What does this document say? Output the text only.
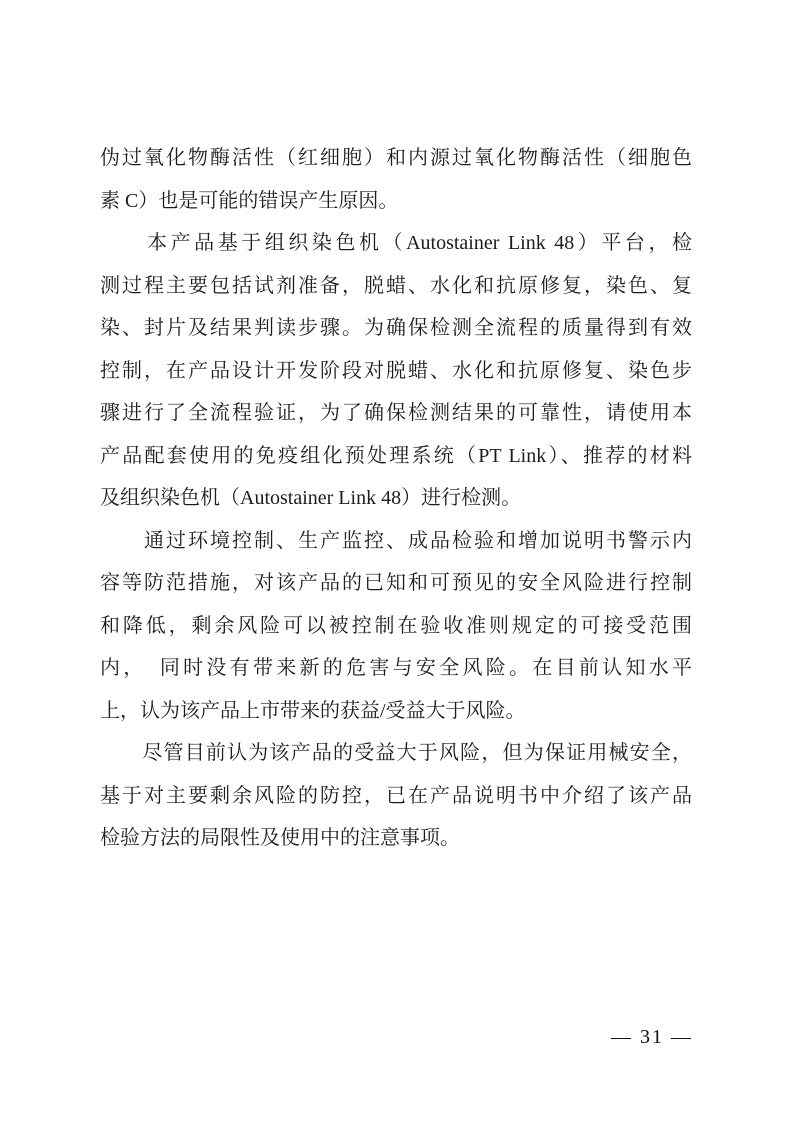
伪过氧化物酶活性（红细胞）和内源过氧化物酶活性（细胞色
素 C）也是可能的错误产生原因。
　　本产品基于组织染色机（Autostainer Link 48）平台，检
测过程主要包括试剂准备，脱蜡、水化和抗原修复，染色、复
染、封片及结果判读步骤。为确保检测全流程的质量得到有效
控制，在产品设计开发阶段对脱蜡、水化和抗原修复、染色步
骤进行了全流程验证，为了确保检测结果的可靠性，请使用本
产品配套使用的免疫组化预处理系统（PT Link）、推荐的材料
及组织染色机（Autostainer Link 48）进行检测。
　　通过环境控制、生产监控、成品检验和增加说明书警示内
容等防范措施，对该产品的已知和可预见的安全风险进行控制
和降低，剩余风险可以被控制在验收准则规定的可接受范围
内，　同时没有带来新的危害与安全风险。在目前认知水平
上，认为该产品上市带来的获益/受益大于风险。
　　尽管目前认为该产品的受益大于风险，但为保证用械安全，
基于对主要剩余风险的防控，已在产品说明书中介绍了该产品
检验方法的局限性及使用中的注意事项。
— 31 —
